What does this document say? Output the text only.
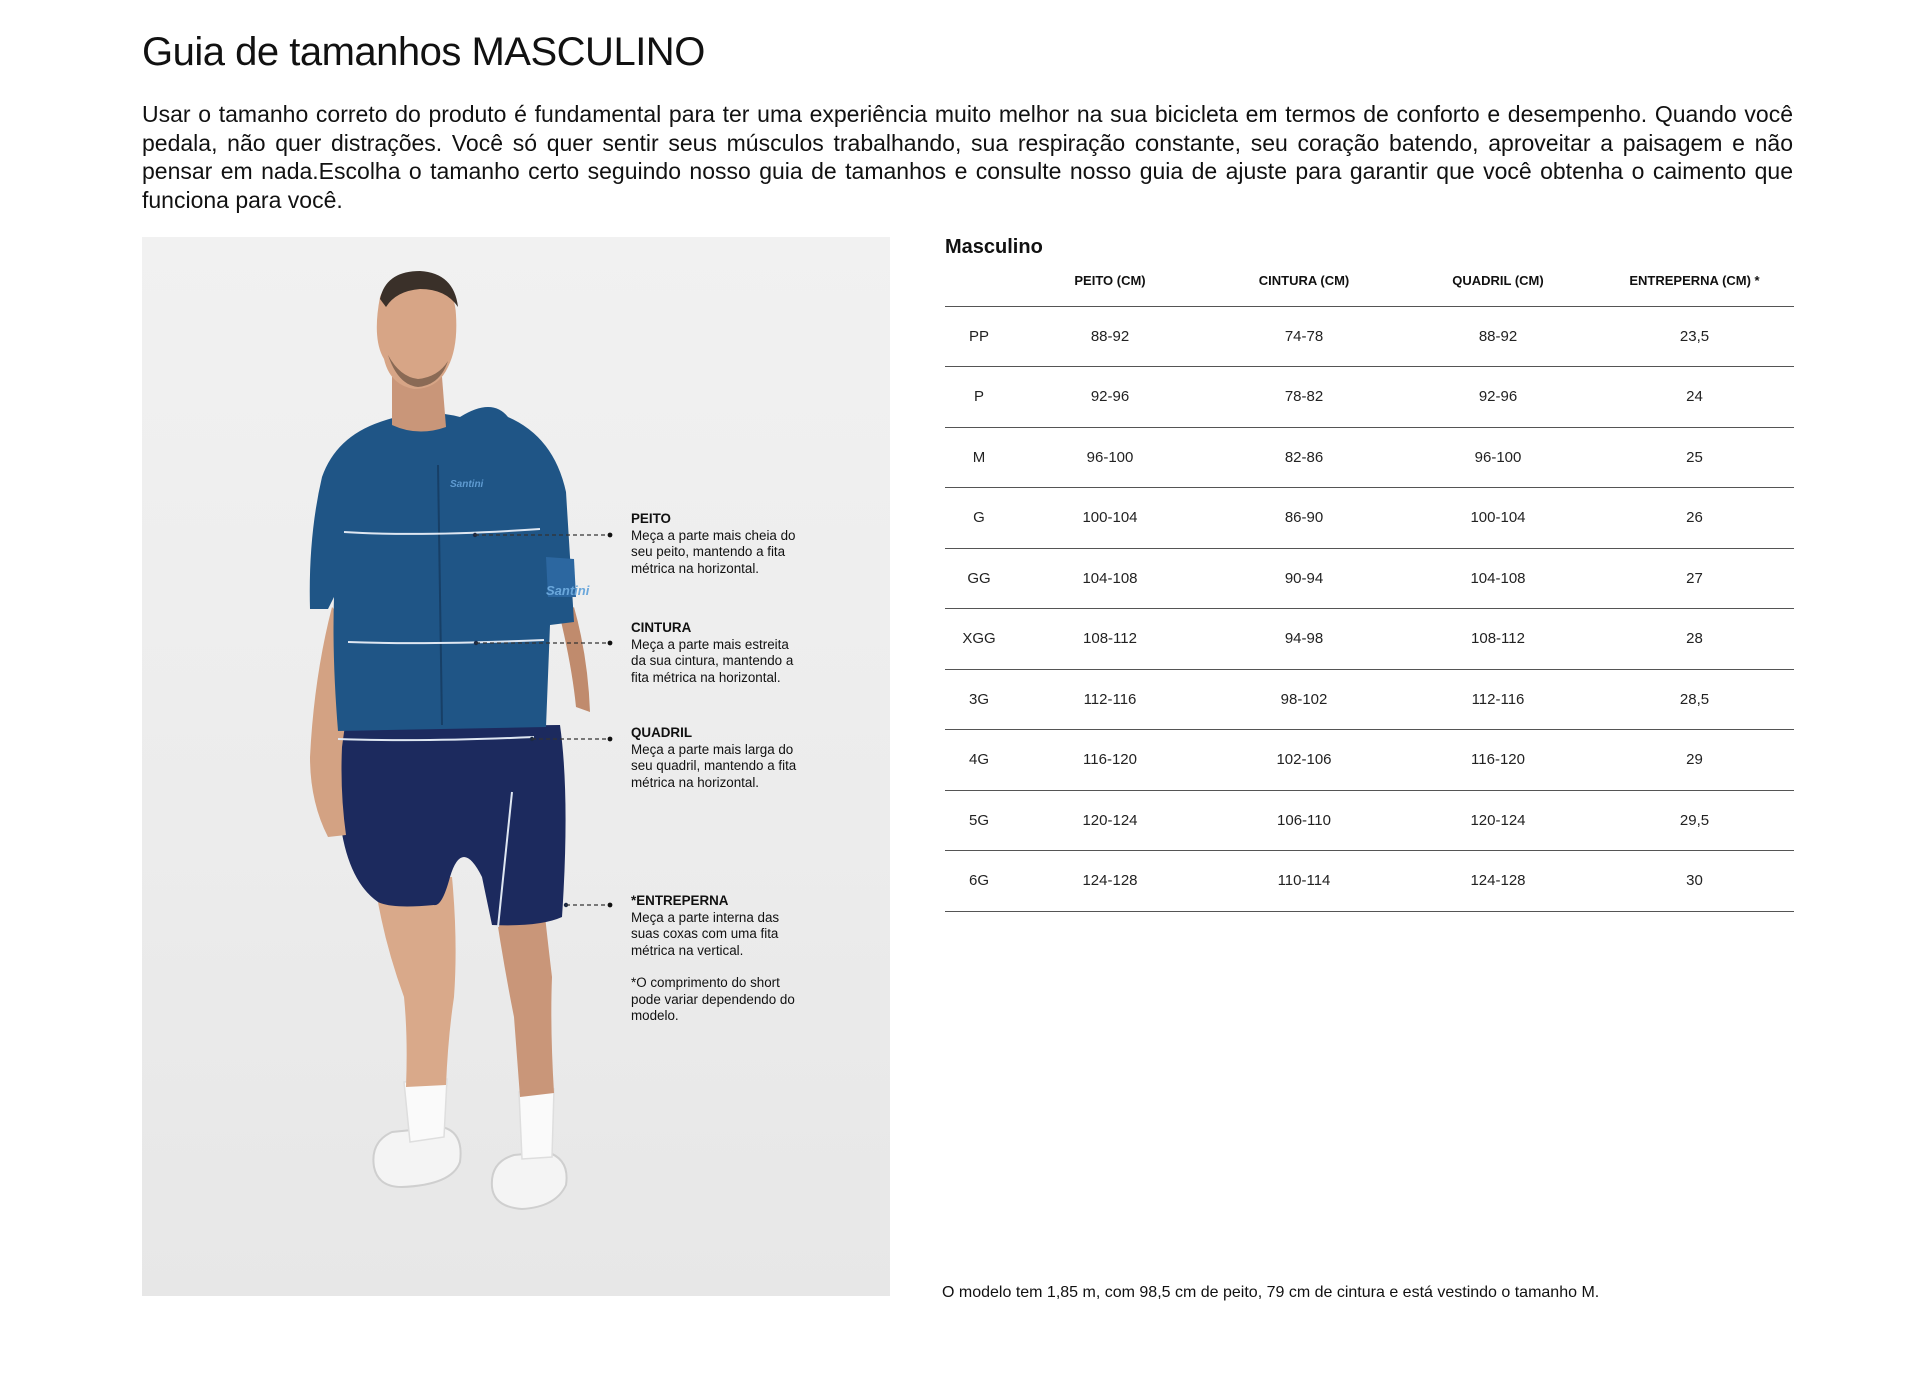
Guia de tamanhos MASCULINO

Usar o tamanho correto do produto é fundamental para ter uma experiência muito melhor na sua bicicleta em termos de conforto e desempenho. Quando você pedala, não quer distrações. Você só quer sentir seus músculos trabalhando, sua respiração constante, seu coração batendo, aproveitar a paisagem e não pensar em nada.Escolha o tamanho certo seguindo nosso guia de tamanhos e consulte nosso guia de ajuste para garantir que você obtenha o caimento que funciona para você.

Santini
Santini
PEITO
Meça a parte mais cheia do seu peito, mantendo a fita métrica na horizontal.
CINTURA
Meça a parte mais estreita da sua cintura, mantendo a fita métrica na horizontal.
QUADRIL
Meça a parte mais larga do seu quadril, mantendo a fita métrica na horizontal.
*ENTREPERNA
Meça a parte interna das suas coxas com uma fita métrica na vertical.
*O comprimento do short pode variar dependendo do modelo.
Masculino
	PEITO (CM)	CINTURA (CM)	QUADRIL (CM)	ENTREPERNA (CM) *
PP	88-92	74-78	88-92	23,5
P	92-96	78-82	92-96	24
M	96-100	82-86	96-100	25
G	100-104	86-90	100-104	26
GG	104-108	90-94	104-108	27
XGG	108-112	94-98	108-112	28
3G	112-116	98-102	112-116	28,5
4G	116-120	102-106	116-120	29
5G	120-124	106-110	120-124	29,5
6G	124-128	110-114	124-128	30
O modelo tem 1,85 m, com 98,5 cm de peito, 79 cm de cintura e está vestindo o tamanho M.
